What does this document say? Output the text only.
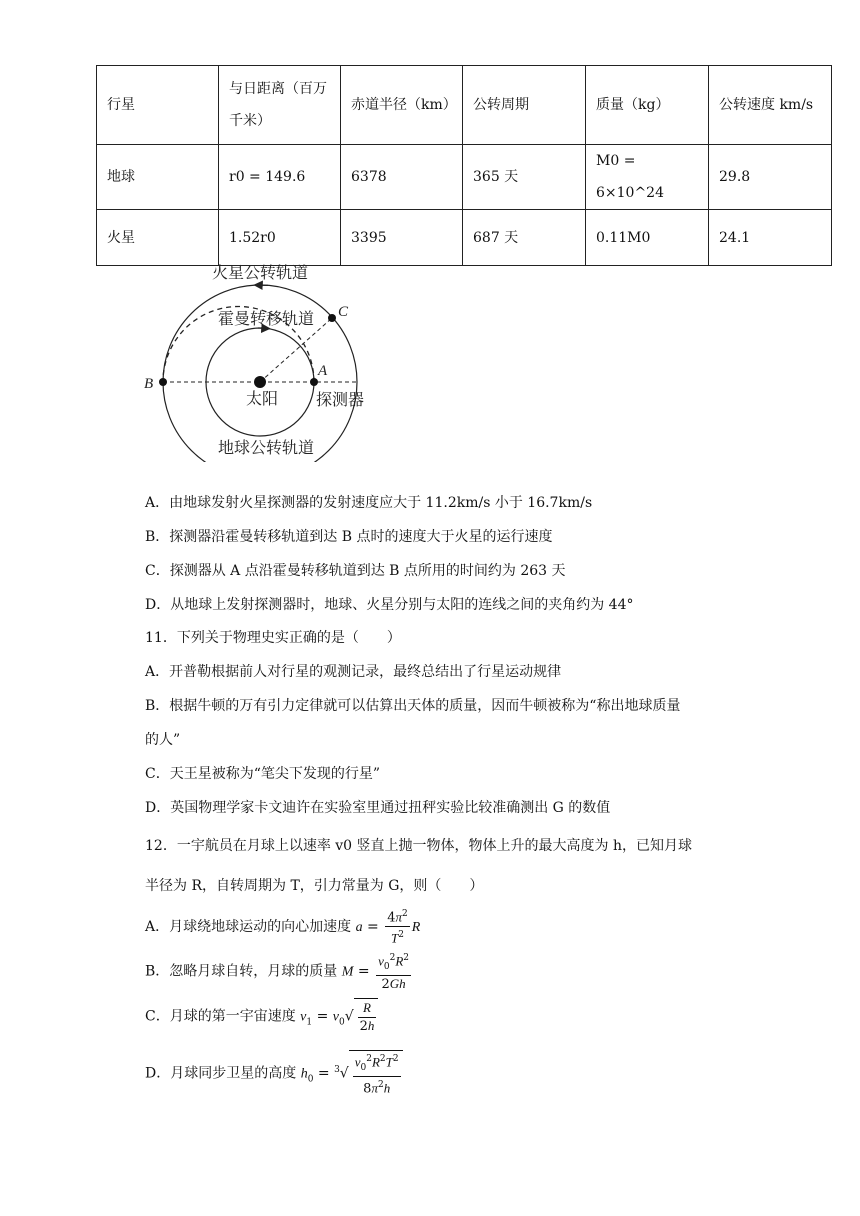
行星	与日距离（百万千米）	赤道半径（km）	公转周期	质量（kg）	公转速度 km/s
地球	r0 = 149.6	6378	365 天	M0 = 6×10^24	29.8
火星	1.52r0	3395	687 天	0.11M0	24.1
火星公转轨道
霍曼转移轨道
太阳 探测器
地球公转轨道
A
B
C
A．由地球发射火星探测器的发射速度应大于 11.2km/s 小于 16.7km/s
B．探测器沿霍曼转移轨道到达 B 点时的速度大于火星的运行速度
C．探测器从 A 点沿霍曼转移轨道到达 B 点所用的时间约为 263 天
D．从地球上发射探测器时，地球、火星分别与太阳的连线之间的夹角约为 44°
11．下列关于物理史实正确的是（　　）
A．开普勒根据前人对行星的观测记录，最终总结出了行星运动规律
B．根据牛顿的万有引力定律就可以估算出天体的质量，因而牛顿被称为“称出地球质量
的人”
C．天王星被称为“笔尖下发现的行星”
D．英国物理学家卡文迪许在实验室里通过扭秤实验比较准确测出 G 的数值
12．一宇航员在月球上以速率 v0 竖直上抛一物体，物体上升的最大高度为 h，已知月球
半径为 R，自转周期为 T，引力常量为 G，则（　　）
A．月球绕地球运动的向心加速度 $a = \frac{4\pi^2}{T^2}$ R
B．忽略月球自转，月球的质量 $M = \frac{v_0^2R^2}{2Gh}$
C．月球的第一宇宙速度 $v_1 = v_0√ \frac{R}{2h}$
D．月球同步卫星的高度 $h_0 = ^3√ \frac{v_0^2R^2T^2}{8\pi^2h}$
